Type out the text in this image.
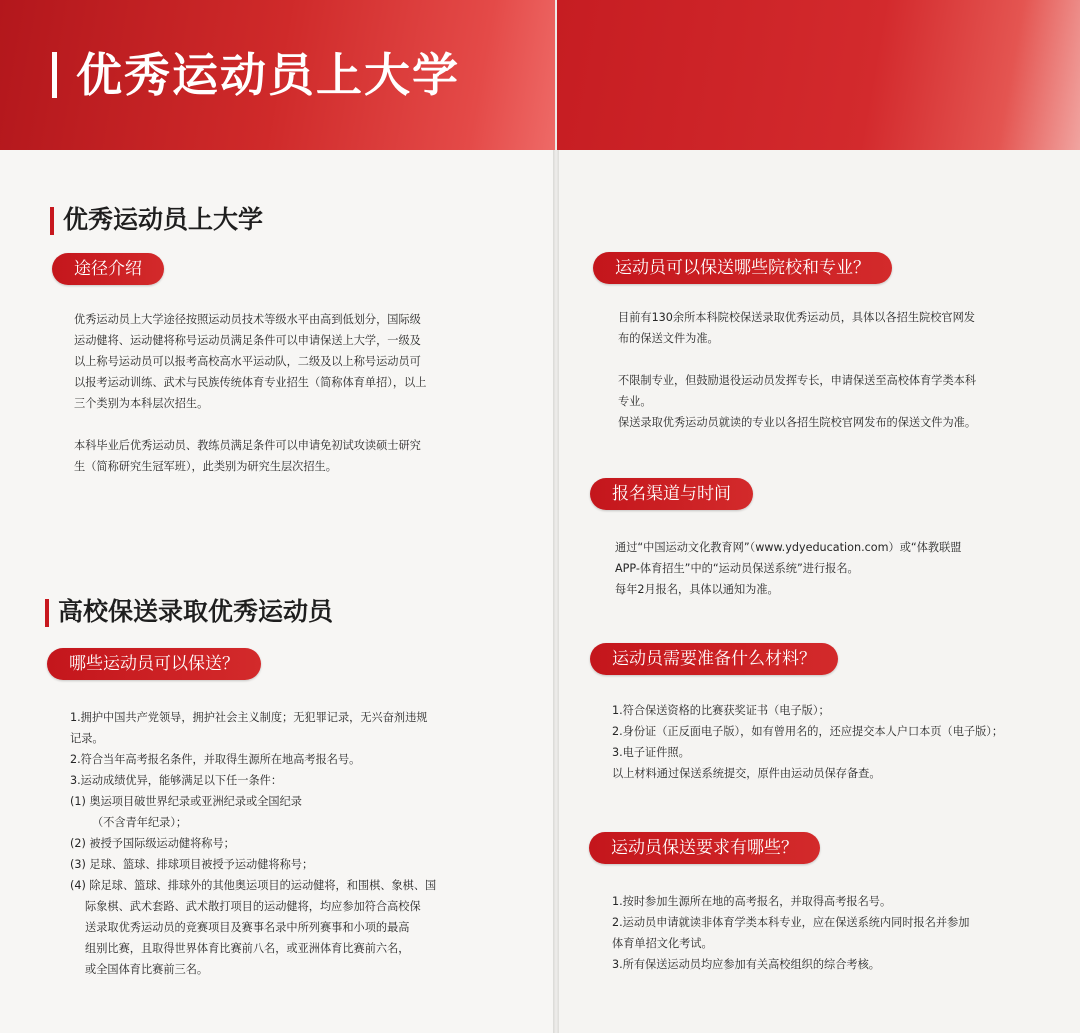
优秀运动员上大学
优秀运动员上大学
途径介绍

优秀运动员上大学途径按照运动员技术等级水平由高到低划分，国际级

运动健将、运动健将称号运动员满足条件可以申请保送上大学，一级及

以上称号运动员可以报考高校高水平运动队，二级及以上称号运动员可

以报考运动训练、武术与民族传统体育专业招生（简称体育单招），以上

三个类别为本科层次招生。

本科毕业后优秀运动员、教练员满足条件可以申请免初试攻读硕士研究

生（简称研究生冠军班），此类别为研究生层次招生。

高校保送录取优秀运动员
哪些运动员可以保送？

1.拥护中国共产党领导，拥护社会主义制度；无犯罪记录，无兴奋剂违规

记录。

2.符合当年高考报名条件，并取得生源所在地高考报名号。

3.运动成绩优异，能够满足以下任一条件：

(1) 奥运项目破世界纪录或亚洲纪录或全国纪录

（不含青年纪录）；

(2) 被授予国际级运动健将称号；

(3) 足球、篮球、排球项目被授予运动健将称号；

(4) 除足球、篮球、排球外的其他奥运项目的运动健将，和围棋、象棋、国

际象棋、武术套路、武术散打项目的运动健将，均应参加符合高校保

送录取优秀运动员的竞赛项目及赛事名录中所列赛事和小项的最高

组别比赛，且取得世界体育比赛前八名，或亚洲体育比赛前六名，

或全国体育比赛前三名。

运动员可以保送哪些院校和专业？

目前有130余所本科院校保送录取优秀运动员，具体以各招生院校官网发

布的保送文件为准。

不限制专业，但鼓励退役运动员发挥专长，申请保送至高校体育学类本科

专业。

保送录取优秀运动员就读的专业以各招生院校官网发布的保送文件为准。

报名渠道与时间

通过“中国运动文化教育网”（www.ydyeducation.com）或“体教联盟

APP-体育招生”中的“运动员保送系统”进行报名。

每年2月报名，具体以通知为准。

运动员需要准备什么材料？

1.符合保送资格的比赛获奖证书（电子版）；

2.身份证（正反面电子版），如有曾用名的，还应提交本人户口本页（电子版）；

3.电子证件照。

以上材料通过保送系统提交，原件由运动员保存备查。

运动员保送要求有哪些？

1.按时参加生源所在地的高考报名，并取得高考报名号。

2.运动员申请就读非体育学类本科专业，应在保送系统内同时报名并参加

体育单招文化考试。

3.所有保送运动员均应参加有关高校组织的综合考核。
